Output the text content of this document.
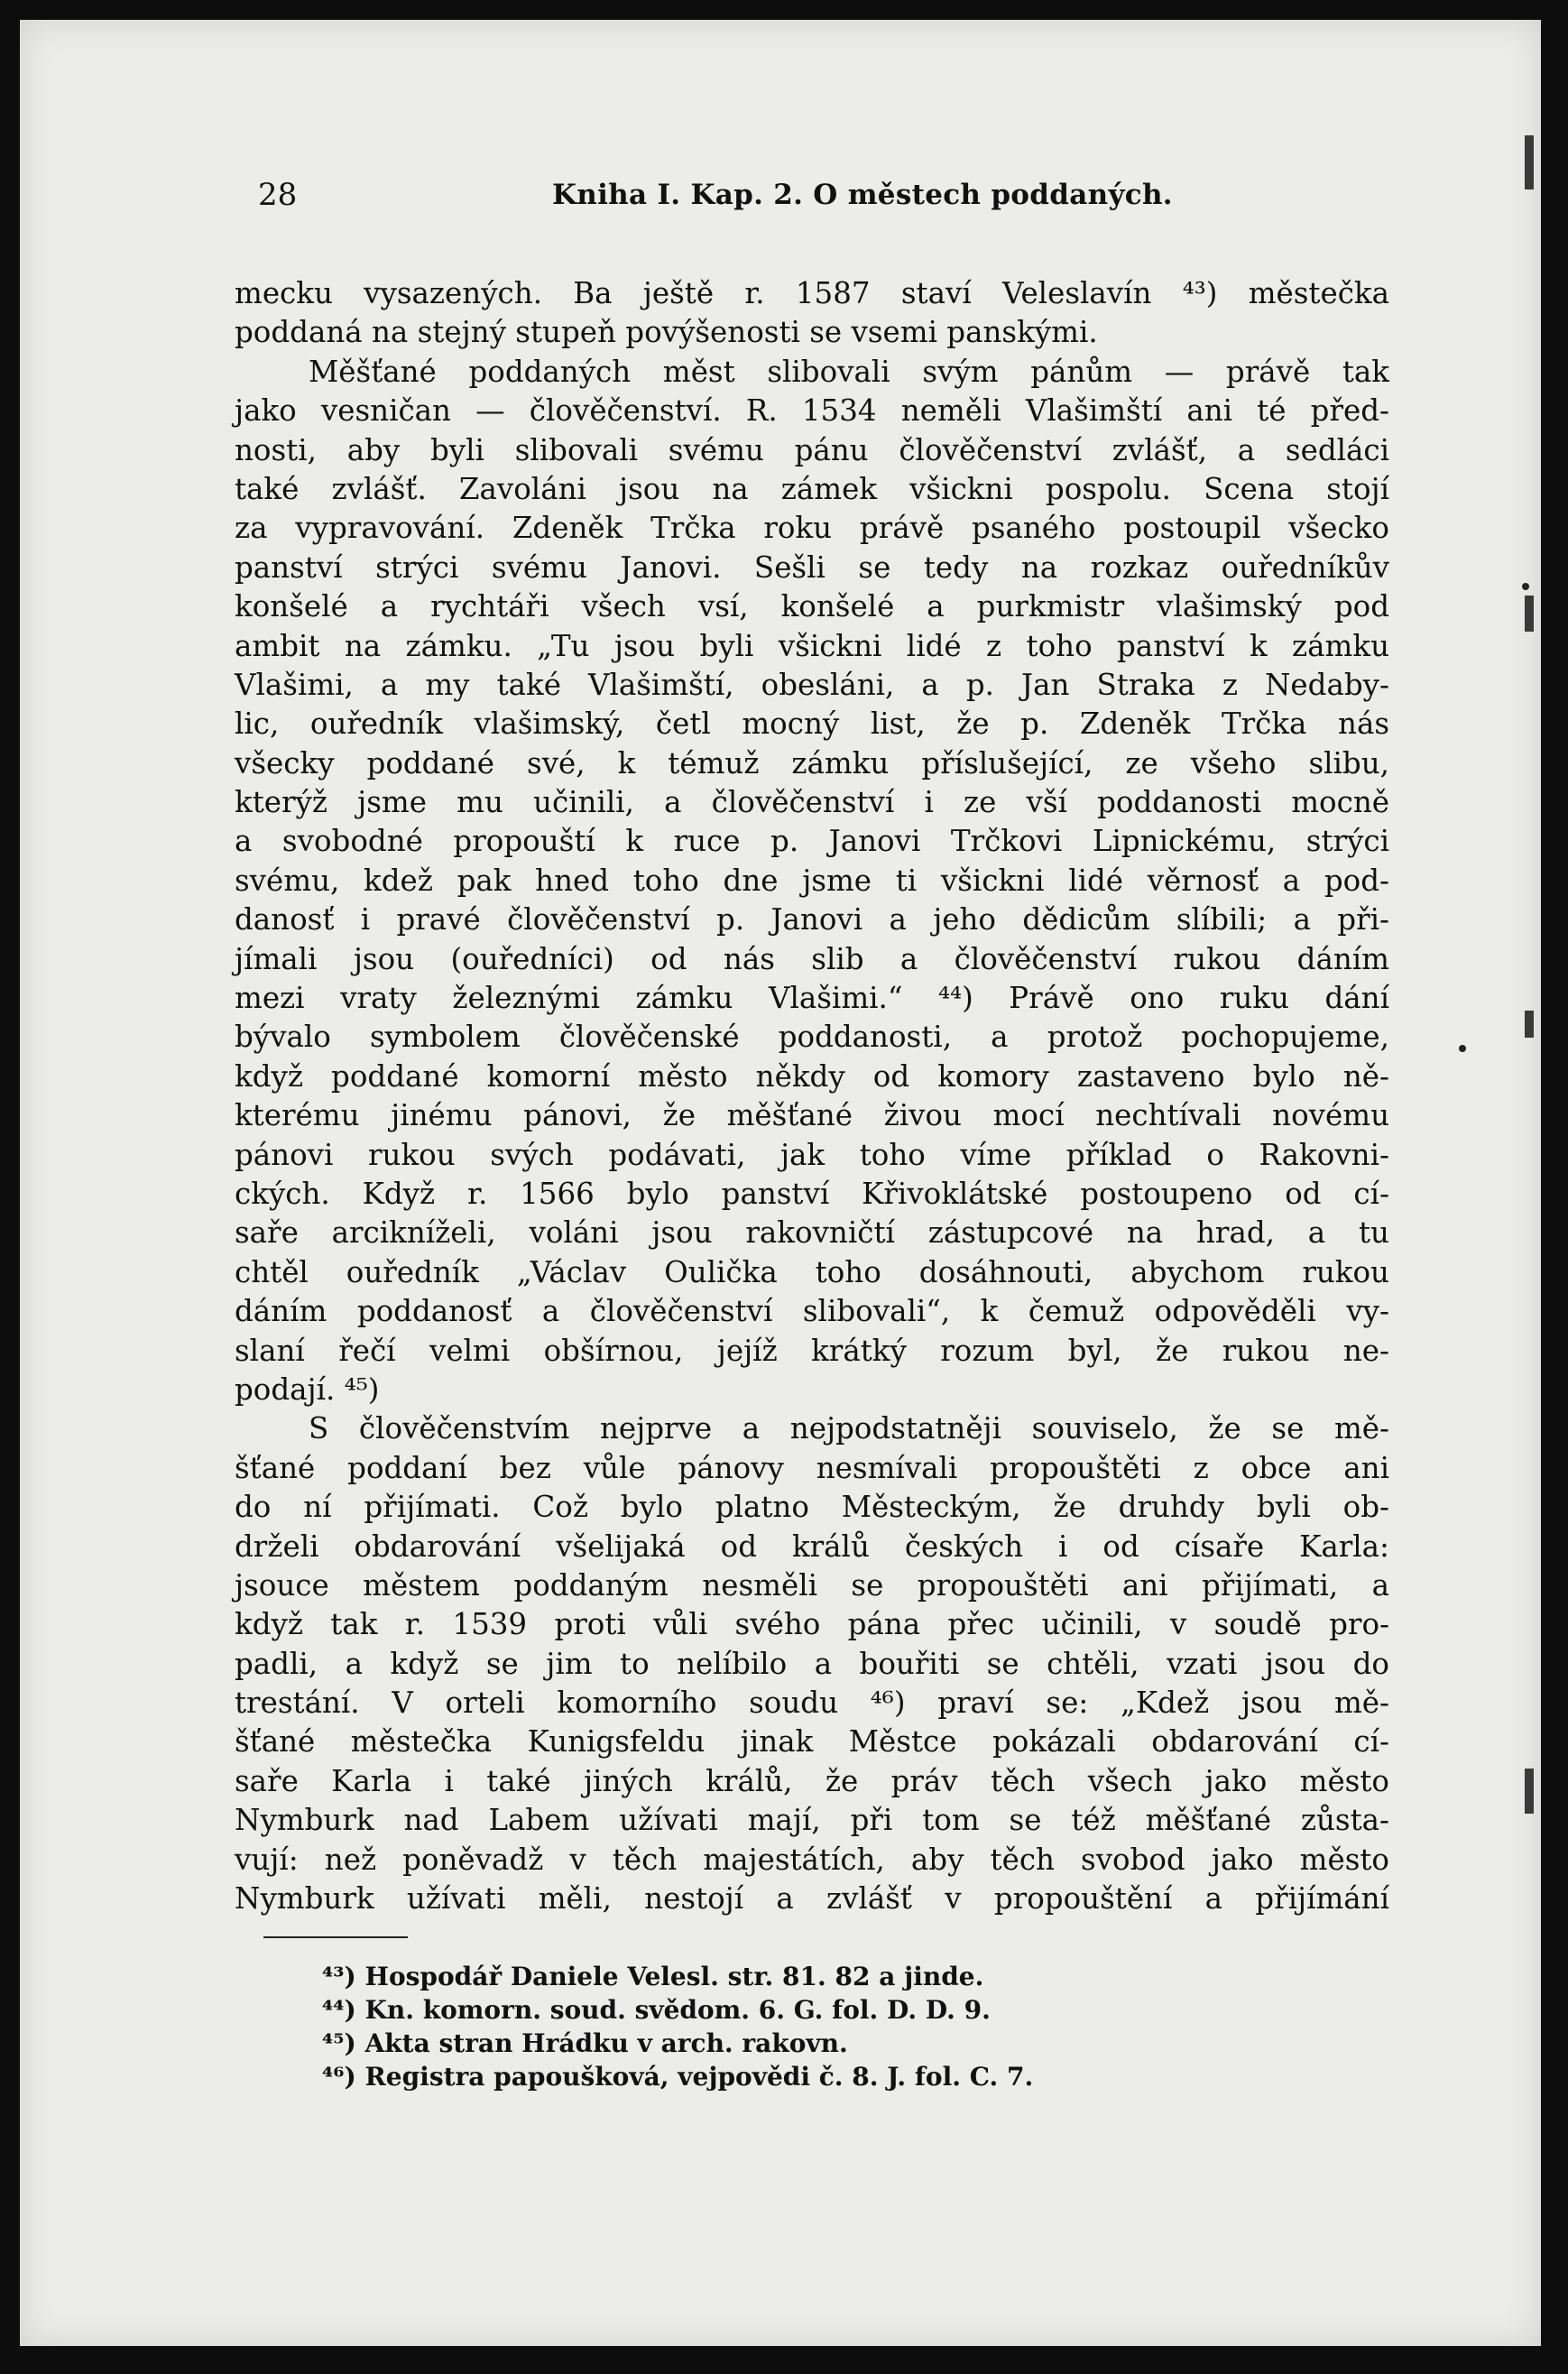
28	Kniha I. Kap. 2. O městech poddaných.
mecku vysazených. Ba ještě r. 1587 staví Veleslavín ⁴³) městečka
poddaná na stejný stupeň povýšenosti se vsemi panskými.
Měšťané poddaných měst slibovali svým pánům — právě tak
jako vesničan — člověčenství. R. 1534 neměli Vlašimští ani té před-
nosti, aby byli slibovali svému pánu člověčenství zvlášť, a sedláci
také zvlášť. Zavoláni jsou na zámek všickni pospolu. Scena stojí
za vypravování. Zdeněk Trčka roku právě psaného postoupil všecko
panství strýci svému Janovi. Sešli se tedy na rozkaz ouředníkův
konšelé a rychtáři všech vsí, konšelé a purkmistr vlašimský pod
ambit na zámku. „Tu jsou byli všickni lidé z toho panství k zámku
Vlašimi, a my také Vlašimští, obesláni, a p. Jan Straka z Nedaby-
lic, ouředník vlašimský, četl mocný list, že p. Zdeněk Trčka nás
všecky poddané své, k témuž zámku příslušející, ze všeho slibu,
kterýž jsme mu učinili, a člověčenství i ze vší poddanosti mocně
a svobodné propouští k ruce p. Janovi Trčkovi Lipnickému, strýci
svému, kdež pak hned toho dne jsme ti všickni lidé věrnosť a pod-
danosť i pravé člověčenství p. Janovi a jeho dědicům slíbili; a při-
jímali jsou (ouředníci) od nás slib a člověčenství rukou dáním
mezi vraty železnými zámku Vlašimi.“ ⁴⁴) Právě ono ruku dání
bývalo symbolem člověčenské poddanosti, a protož pochopujeme,
když poddané komorní město někdy od komory zastaveno bylo ně-
kterému jinému pánovi, že měšťané živou mocí nechtívali novému
pánovi rukou svých podávati, jak toho víme příklad o Rakovni-
ckých. Když r. 1566 bylo panství Křivoklátské postoupeno od cí-
saře arcikníželi, voláni jsou rakovničtí zástupcové na hrad, a tu
chtěl ouředník „Václav Oulička toho dosáhnouti, abychom rukou
dáním poddanosť a člověčenství slibovali“, k čemuž odpověděli vy-
slaní řečí velmi obšírnou, jejíž krátký rozum byl, že rukou ne-
podají. ⁴⁵)
S člověčenstvím nejprve a nejpodstatněji souviselo, že se mě-
šťané poddaní bez vůle pánovy nesmívali propouštěti z obce ani
do ní přijímati. Což bylo platno Městeckým, že druhdy byli ob-
drželi obdarování všelijaká od králů českých i od císaře Karla:
jsouce městem poddaným nesměli se propouštěti ani přijímati, a
když tak r. 1539 proti vůli svého pána přec učinili, v soudě pro-
padli, a když se jim to nelíbilo a bouřiti se chtěli, vzati jsou do
trestání. V orteli komorního soudu ⁴⁶) praví se: „Kdež jsou mě-
šťané městečka Kunigsfeldu jinak Městce pokázali obdarování cí-
saře Karla i také jiných králů, že práv těch všech jako město
Nymburk nad Labem užívati mají, při tom se též měšťané zůsta-
vují: než poněvadž v těch majestátích, aby těch svobod jako město
Nymburk užívati měli, nestojí a zvlášť v propouštění a přijímání
⁴³) Hospodář Daniele Velesl. str. 81. 82 a jinde.
⁴⁴) Kn. komorn. soud. svědom. 6. G. fol. D. D. 9.
⁴⁵) Akta stran Hrádku v arch. rakovn.
⁴⁶) Registra papoušková, vejpovědi č. 8. J. fol. C. 7.
